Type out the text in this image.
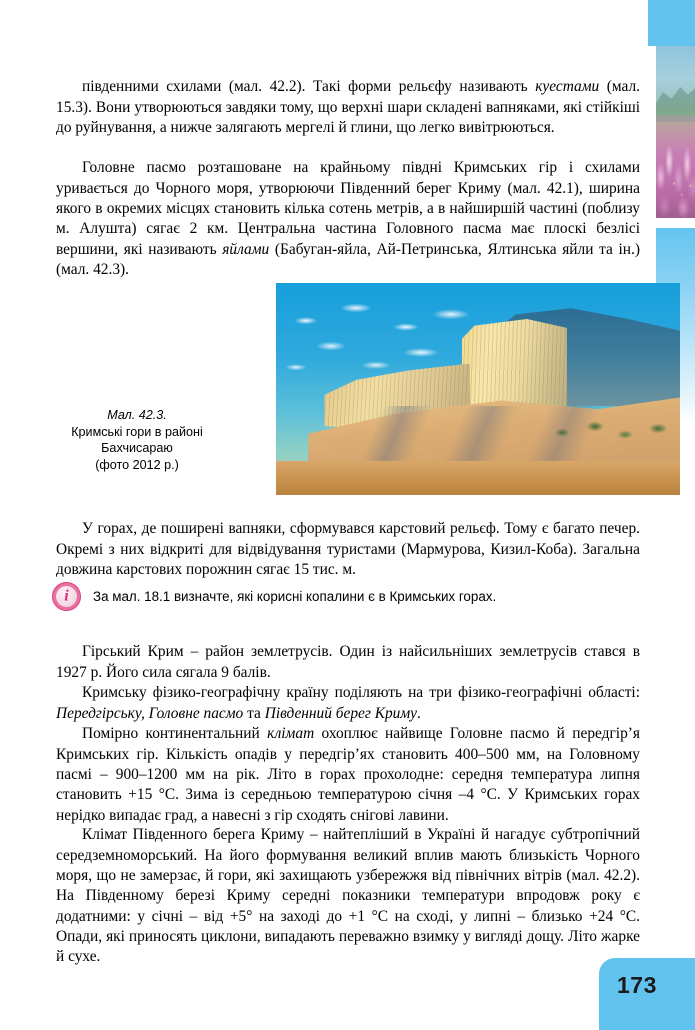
південними схилами (мал. 42.2). Такі форми рельєфу називають куестами (мал. 15.3). Вони утворюються завдяки тому, що верхні шари складені вапняками, які стійкіші до руйнування, а нижче залягають мергелі й глини, що легко вивітрюються.

Головне пасмо розташоване на крайньому півдні Кримських гір і схилами уривається до Чорного моря, утворюючи Південний берег Криму (мал. 42.1), ширина якого в окремих місцях становить кілька сотень метрів, а в найширшій частині (поблизу м. Алушта) сягає 2 км. Центральна частина Головного пасма має плоскі безлісі вершини, які називають яйлами (Бабуган-яйла, Ай-Петринська, Ялтинська яйли та ін.) (мал. 42.3).

Мал. 42.3.
Кримські гори в районі
Бахчисараю
(фото 2012 р.)

У горах, де поширені вапняки, сформувався карстовий рельєф. Тому є багато печер. Окремі з них відкриті для відвідування туристами (Мармурова, Кизил-Коба). Загальна довжина карстових порожнин сягає 15 тис. м.

i За мал. 18.1 визначте, які корисні копалини є в Кримських горах.

Гірський Крим – район землетрусів. Один із найсильніших землетрусів стався в 1927 р. Його сила сягала 9 балів.

Кримську фізико-географічну країну поділяють на три фізико-географічні області: Передгірську, Головне пасмо та Південний берег Криму.

Помірно континентальний клімат охоплює найвище Головне пасмо й передгір’я Кримських гір. Кількість опадів у передгір’ях становить 400–500 мм, на Головному пасмі – 900–1200 мм на рік. Літо в горах прохолодне: середня температура липня становить +15 °С. Зима із середньою температурою січня –4 °С. У Кримських горах нерідко випадає град, а навесні з гір сходять снігові лавини.

Клімат Південного берега Криму – найтепліший в Україні й нагадує субтропічний середземноморський. На його формування великий вплив мають близькість Чорного моря, що не замерзає, й гори, які захищають узбережжя від північних вітрів (мал. 42.2). На Південному березі Криму середні показники температури впродовж року є додатними: у січні – від +5° на заході до +1 °С на сході, у липні – близько +24 °С. Опади, які приносять циклони, випадають переважно взимку у вигляді дощу. Літо жарке й сухе.

173
